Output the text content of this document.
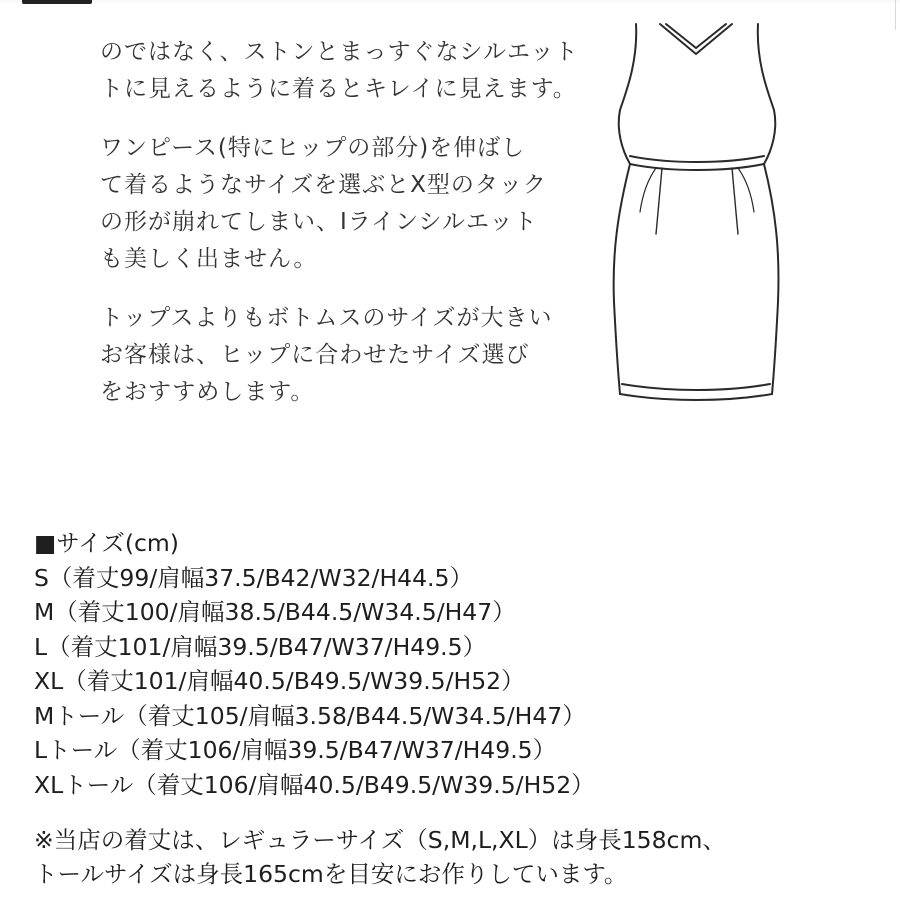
のではなく、ストンとまっすぐなシルエット
トに見えるように着るとキレイに見えます。

ワンピース(特にヒップの部分)を伸ばし
て着るようなサイズを選ぶとX型のタック
の形が崩れてしまい、Iラインシルエット
も美しく出ません。

トップスよりもボトムスのサイズが大きい
お客様は、ヒップに合わせたサイズ選び
をおすすめします。

■サイズ(cm)
S（着丈99/肩幅37.5/B42/W32/H44.5）
M（着丈100/肩幅38.5/B44.5/W34.5/H47）
L（着丈101/肩幅39.5/B47/W37/H49.5）
XL（着丈101/肩幅40.5/B49.5/W39.5/H52）
Mトール（着丈105/肩幅3.58/B44.5/W34.5/H47）
Lトール（着丈106/肩幅39.5/B47/W37/H49.5）
XLトール（着丈106/肩幅40.5/B49.5/W39.5/H52）
※当店の着丈は、レギュラーサイズ（S,M,L,XL）は身長158cm、
トールサイズは身長165cmを目安にお作りしています。
